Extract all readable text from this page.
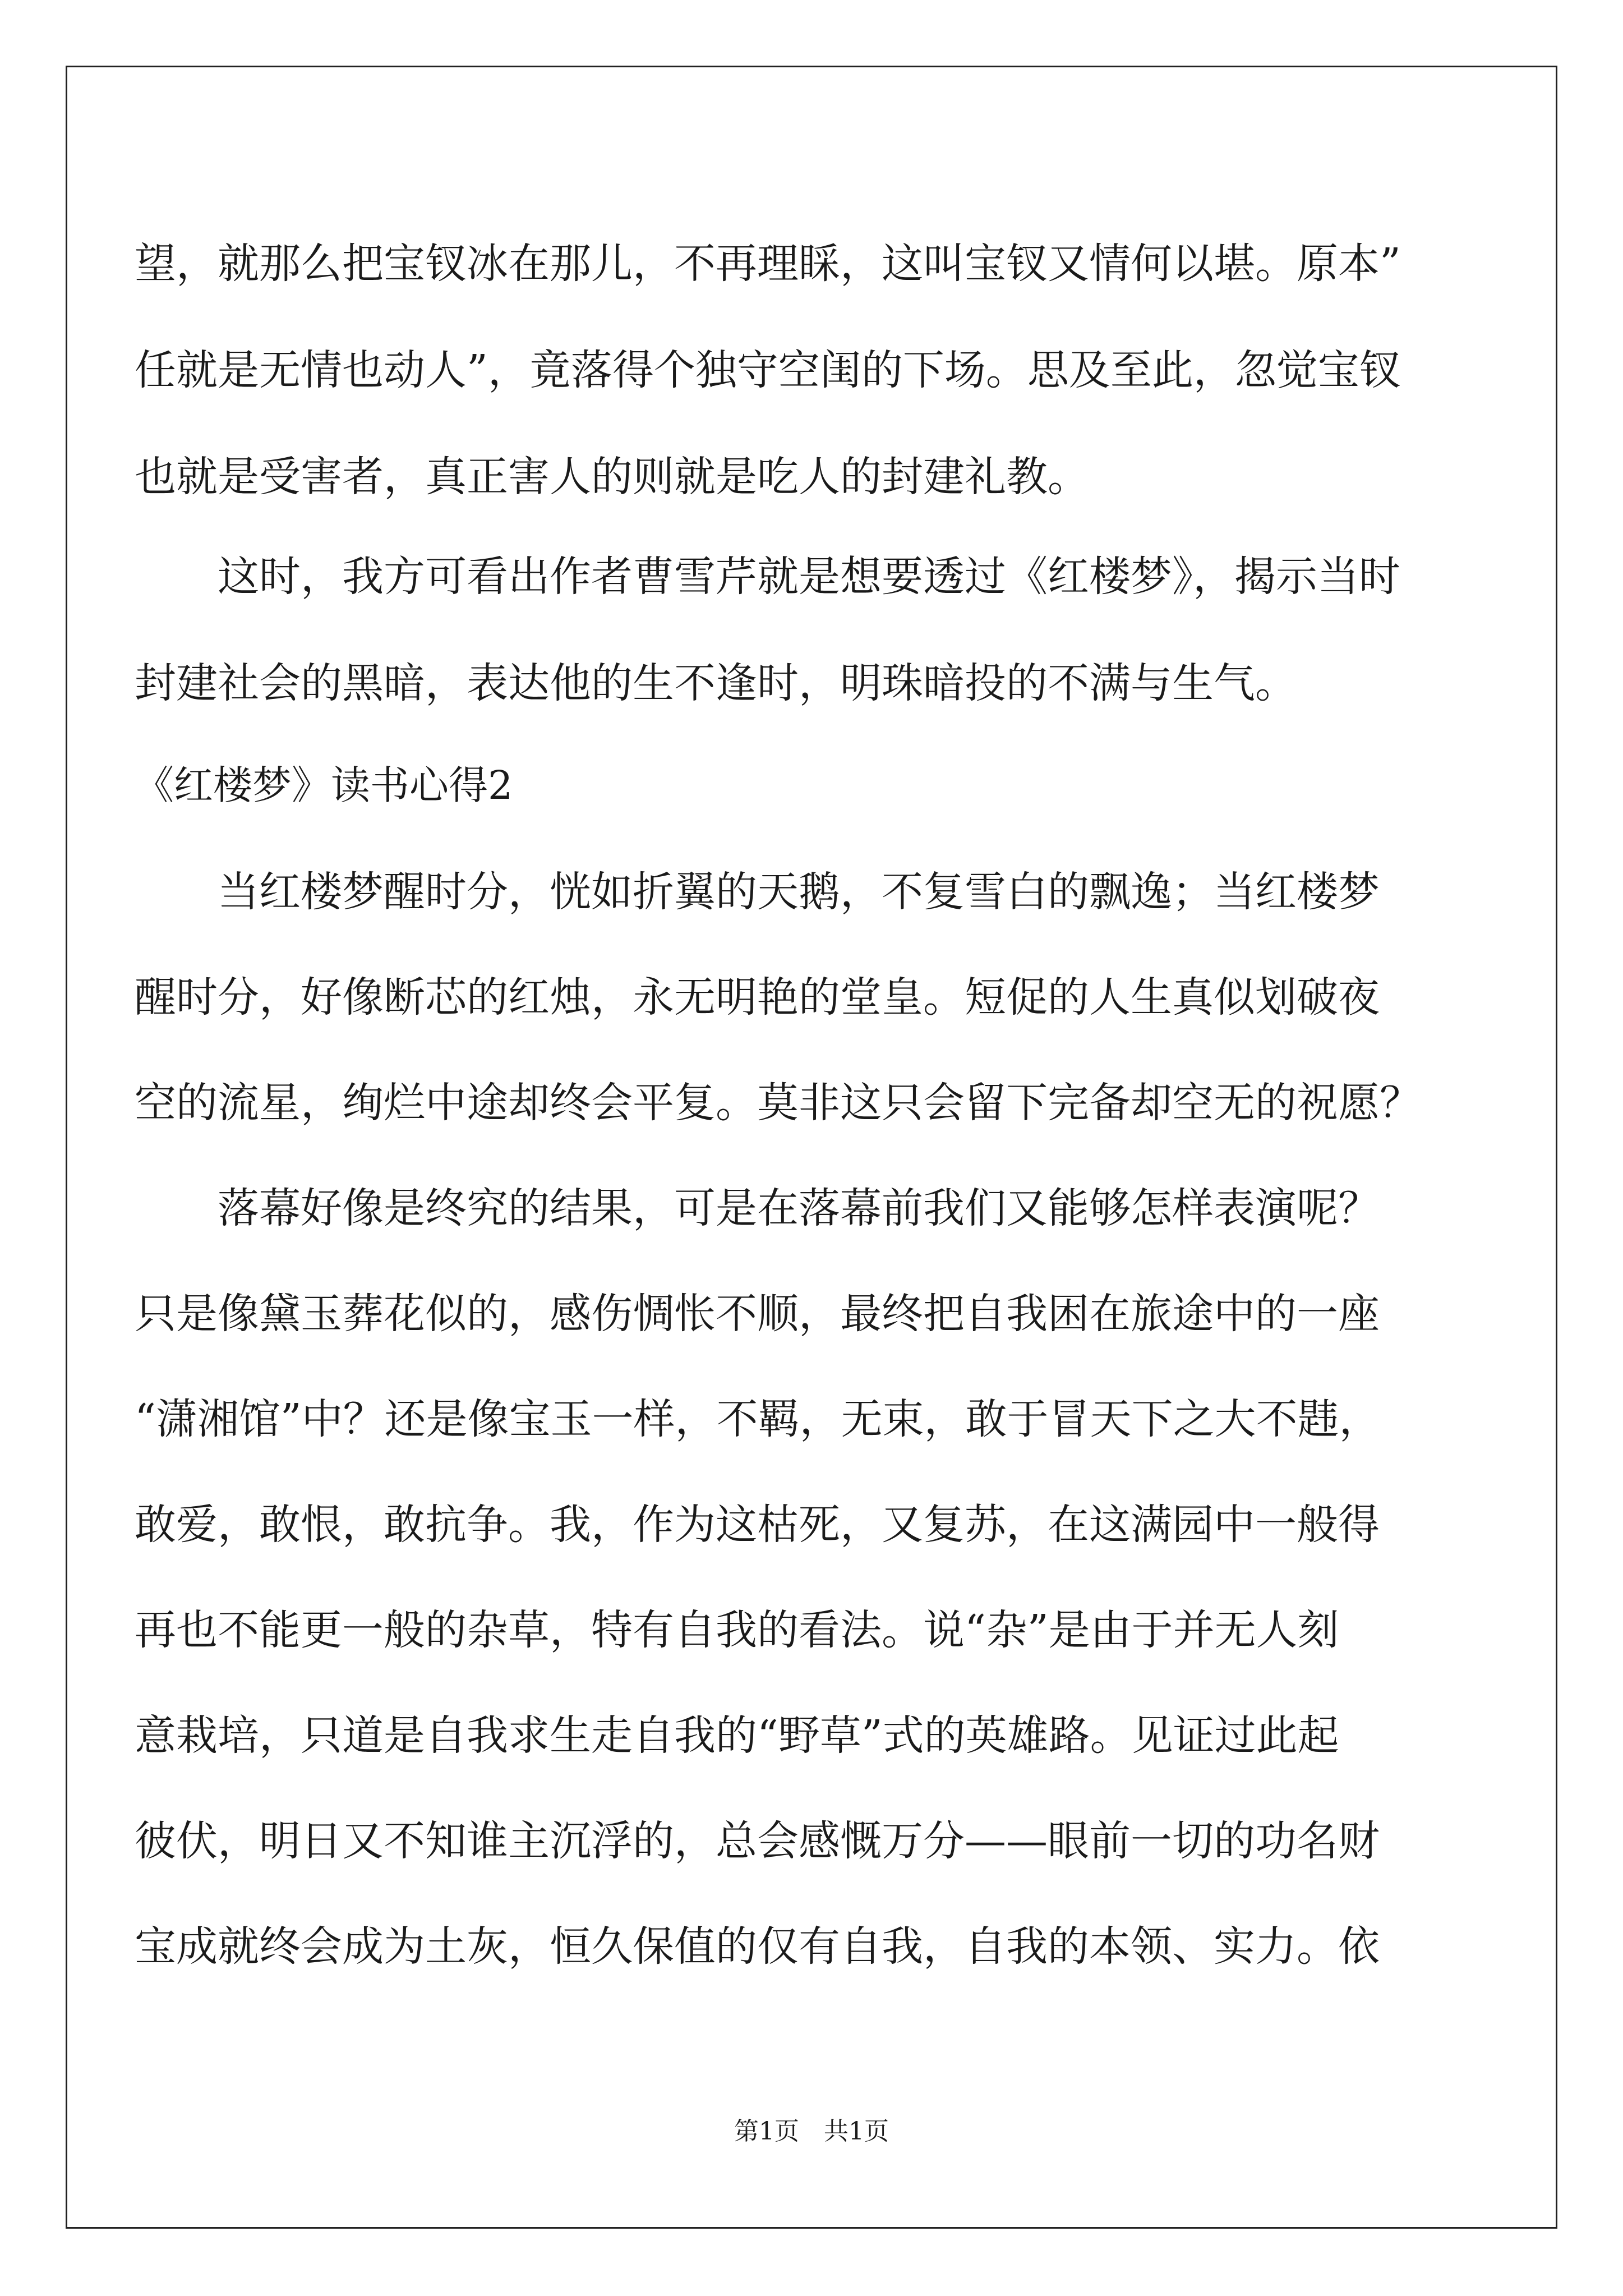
望，就那么把宝钗冰在那儿，不再理睬，这叫宝钗又情何以堪。原本”
任就是无情也动人”，竟落得个独守空闺的下场。思及至此，忽觉宝钗
也就是受害者，真正害人的则就是吃人的封建礼教。
　　这时，我方可看出作者曹雪芹就是想要透过《红楼梦》，揭示当时
封建社会的黑暗，表达他的生不逢时，明珠暗投的不满与生气。
《红楼梦》读书心得2
　　当红楼梦醒时分，恍如折翼的天鹅，不复雪白的飘逸；当红楼梦
醒时分，好像断芯的红烛，永无明艳的堂皇。短促的人生真似划破夜
空的流星，绚烂中途却终会平复。莫非这只会留下完备却空无的祝愿？
　　落幕好像是终究的结果，可是在落幕前我们又能够怎样表演呢？
只是像黛玉葬花似的，感伤惆怅不顺，最终把自我困在旅途中的一座
“潇湘馆”中？还是像宝玉一样，不羁，无束，敢于冒天下之大不韪，
敢爱，敢恨，敢抗争。我，作为这枯死，又复苏，在这满园中一般得
再也不能更一般的杂草，特有自我的看法。说“杂”是由于并无人刻
意栽培，只道是自我求生走自我的“野草”式的英雄路。见证过此起
彼伏，明日又不知谁主沉浮的，总会感慨万分——眼前一切的功名财
宝成就终会成为土灰，恒久保值的仅有自我，自我的本领、实力。依
第1页　共1页
